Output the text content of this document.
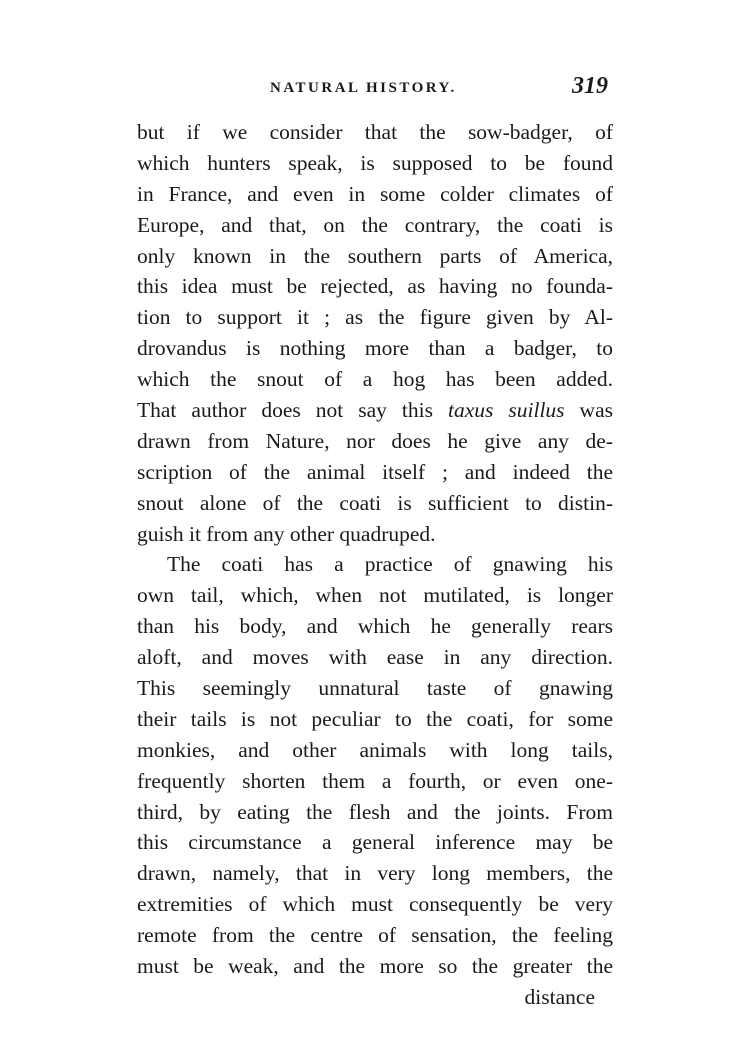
NATURAL HISTORY.	319
but if we consider that the sow-badger, of
which hunters speak, is supposed to be found
in France, and even in some colder climates of
Europe, and that, on the contrary, the coati is
only known in the southern parts of America,
this idea must be rejected, as having no founda-
tion to support it ; as the figure given by Al-
drovandus is nothing more than a badger, to
which the snout of a hog has been added.
That author does not say this taxus suillus was
drawn from Nature, nor does he give any de-
scription of the animal itself ; and indeed the
snout alone of the coati is sufficient to distin-
guish it from any other quadruped.
The coati has a practice of gnawing his
own tail, which, when not mutilated, is longer
than his body, and which he generally rears
aloft, and moves with ease in any direction.
This seemingly unnatural taste of gnawing
their tails is not peculiar to the coati, for some
monkies, and other animals with long tails,
frequently shorten them a fourth, or even one-
third, by eating the flesh and the joints. From
this circumstance a general inference may be
drawn, namely, that in very long members, the
extremities of which must consequently be very
remote from the centre of sensation, the feeling
must be weak, and the more so the greater the
distance
